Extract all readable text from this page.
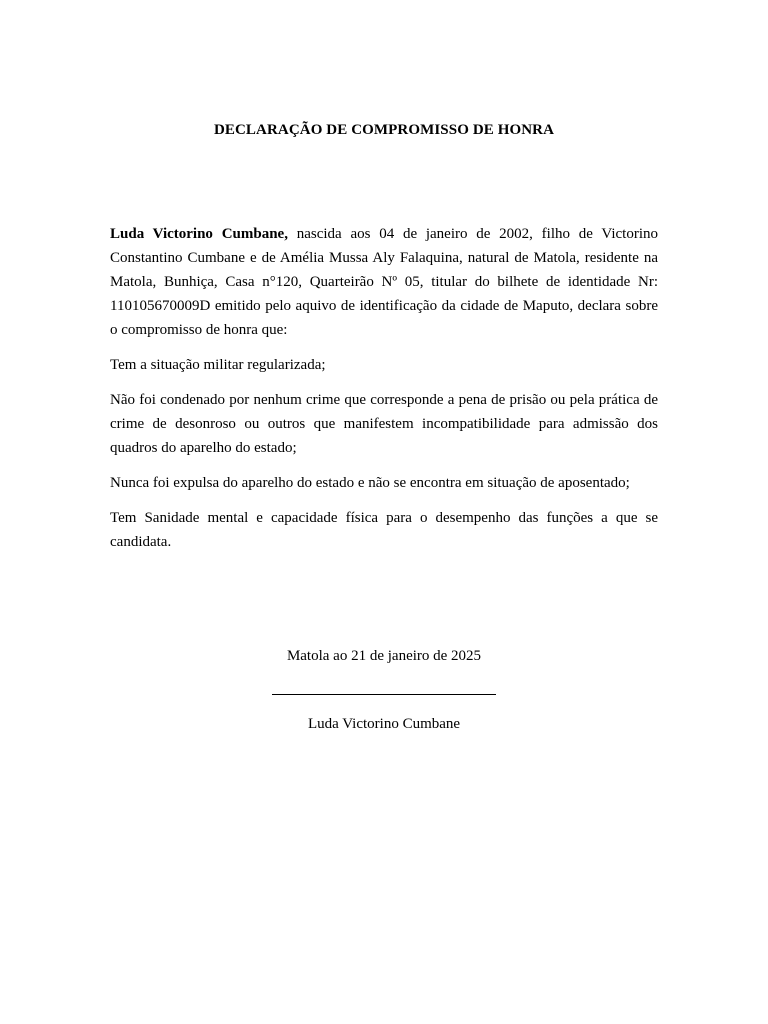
DECLARAÇÃO DE COMPROMISSO DE HONRA

Luda Victorino Cumbane, nascida aos 04 de janeiro de 2002, filho de Victorino Constantino Cumbane e de Amélia Mussa Aly Falaquina, natural de Matola, residente na Matola, Bunhiça, Casa n°120, Quarteirão Nº 05, titular do bilhete de identidade Nr: 110105670009D emitido pelo aquivo de identificação da cidade de Maputo, declara sobre o compromisso de honra que:

Tem a situação militar regularizada;

Não foi condenado por nenhum crime que corresponde a pena de prisão ou pela prática de crime de desonroso ou outros que manifestem incompatibilidade para admissão dos quadros do aparelho do estado;

Nunca foi expulsa do aparelho do estado e não se encontra em situação de aposentado;

Tem Sanidade mental e capacidade física para o desempenho das funções a que se candidata.

Matola ao 21 de janeiro de 2025
Luda Victorino Cumbane
